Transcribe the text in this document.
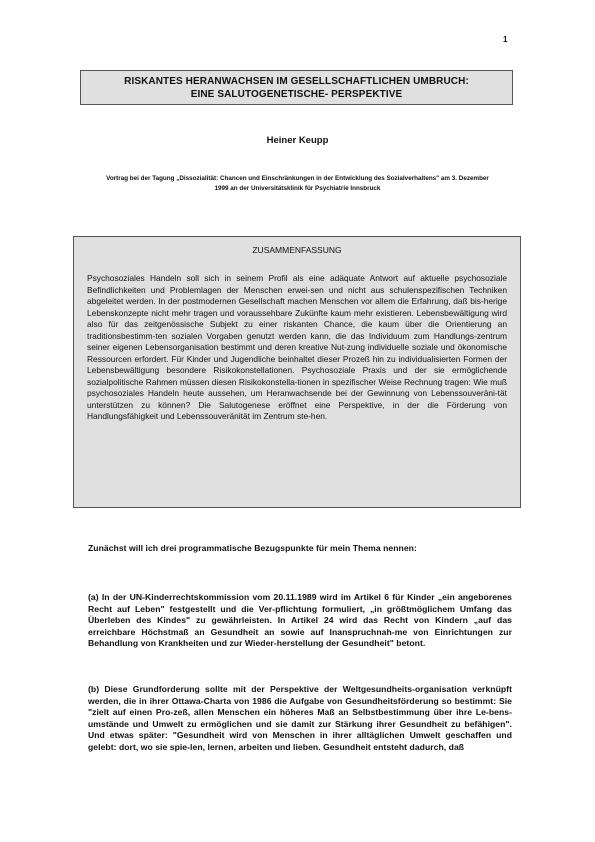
1
RISKANTES HERANWACHSEN IM GESELLSCHAFTLICHEN UMBRUCH:
EINE SALUTOGENETISCHE- PERSPEKTIVE
Heiner Keupp
Vortrag bei der Tagung „Dissozialität: Chancen und Einschränkungen in der Entwicklung des Sozialverhaltens" am 3. Dezember 1999 an der Universitätsklinik für Psychiatrie Innsbruck
ZUSAMMENFASSUNG

Psychosoziales Handeln soll sich in seinem Profil als eine adäquate Antwort auf aktuelle psychosoziale Befindlichkeiten und Problemlagen der Menschen erwei-sen und nicht aus schulenspezifischen Techniken abgeleitet werden. In der postmodernen Gesellschaft machen Menschen vor allem die Erfahrung, daß bis-herige Lebenskonzepte nicht mehr tragen und voraussehbare Zukünfte kaum mehr existieren. Lebensbewältigung wird also für das zeitgenössische Subjekt zu einer riskanten Chance, die kaum über die Orientierung an traditionsbestimm-ten sozialen Vorgaben genutzt werden kann, die das Individuum zum Handlungs-zentrum seiner eigenen Lebensorganisation bestimmt und deren kreative Nut-zung individuelle soziale und ökonomische Ressourcen erfordert. Für Kinder und Jugendliche beinhaltet dieser Prozeß hin zu individualisierten Formen der Lebensbewältigung besondere Risikokonstellationen. Psychosoziale Praxis und der sie ermöglichende sozialpolitische Rahmen müssen diesen Risikokonstella-tionen in spezifischer Weise Rechnung tragen: Wie muß psychosoziales Handeln heute aussehen, um Heranwachsende bei der Gewinnung von Lebenssouveräni-tät unterstützen zu können? Die Salutogenese eröffnet eine Perspektive, in der die Förderung von Handlungsfähigkeit und Lebenssouveränität im Zentrum ste-hen.

Zunächst will ich drei programmatische Bezugspunkte für mein Thema nennen:

(a) In der UN-Kinderrechtskommission vom 20.11.1989 wird im Artikel 6 für Kinder „ein angeborenes Recht auf Leben" festgestellt und die Ver-pflichtung formuliert, „in größtmöglichem Umfang das Überleben des Kindes" zu gewährleisten. In Artikel 24 wird das Recht von Kindern „auf das erreichbare Höchstmaß an Gesundheit an sowie auf Inanspruchnah-me von Einrichtungen zur Behandlung von Krankheiten und zur Wieder-herstellung der Gesundheit" betont.

(b) Diese Grundforderung sollte mit der Perspektive der Weltgesundheits-organisation verknüpft werden, die in ihrer Ottawa-Charta von 1986 die Aufgabe von Gesundheitsförderung so bestimmt: Sie "zielt auf einen Pro-zeß, allen Menschen ein höheres Maß an Selbstbestimmung über ihre Le-bens-umstände und Umwelt zu ermöglichen und sie damit zur Stärkung ihrer Gesundheit zu befähigen". Und etwas später: "Gesundheit wird von Menschen in ihrer alltäglichen Umwelt geschaffen und gelebt: dort, wo sie spie-len, lernen, arbeiten und lieben. Gesundheit entsteht dadurch, daß
